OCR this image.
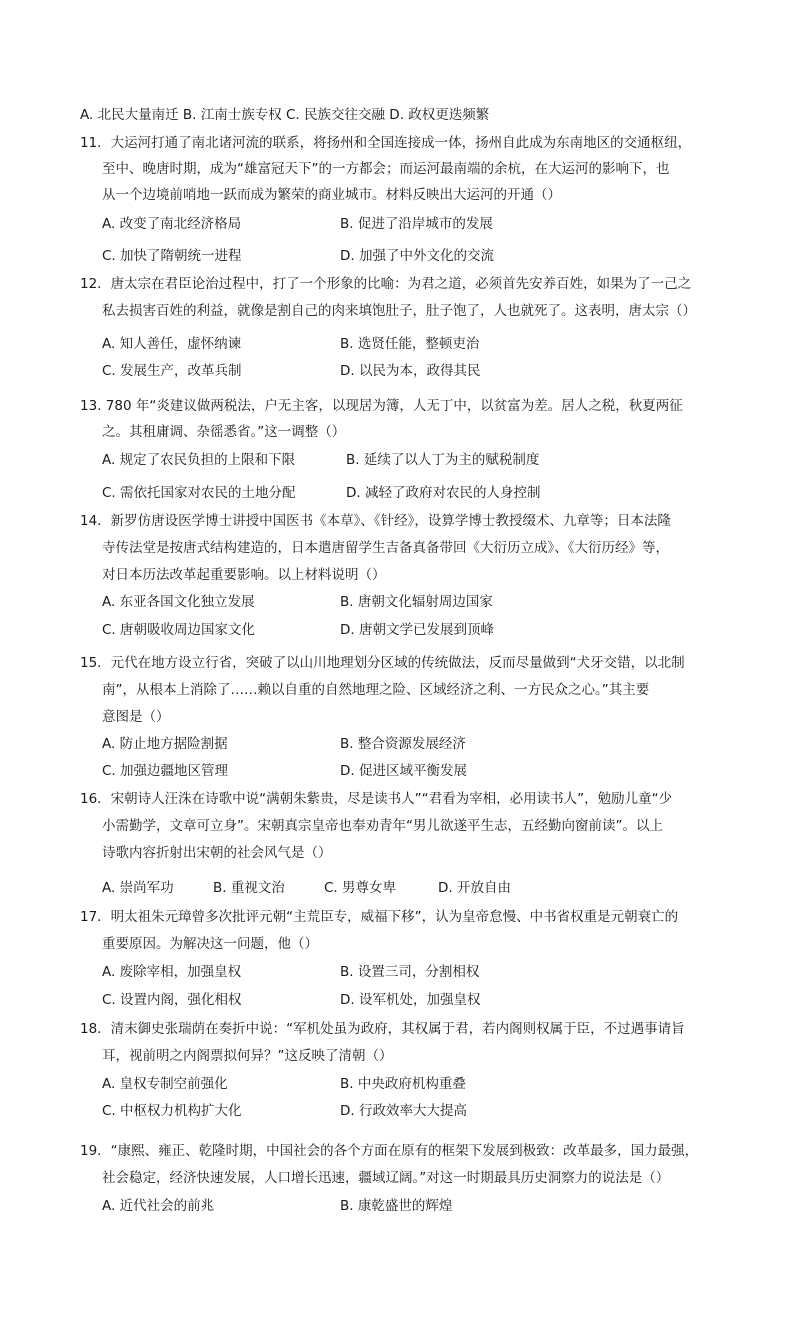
A. 北民大量南迁 B. 江南士族专权 C. 民族交往交融 D. 政权更迭频繁
11．大运河打通了南北诸河流的联系，将扬州和全国连接成一体，扬州自此成为东南地区的交通枢纽，
至中、晚唐时期，成为“雄富冠天下”的一方都会；而运河最南端的余杭，在大运河的影响下，也
从一个边境前哨地一跃而成为繁荣的商业城市。材料反映出大运河的开通（）
A. 改变了南北经济格局	B. 促进了沿岸城市的发展
C. 加快了隋朝统一进程	D. 加强了中外文化的交流
12．唐太宗在君臣论治过程中，打了一个形象的比喻：为君之道，必须首先安养百姓，如果为了一己之
私去损害百姓的利益，就像是割自己的肉来填饱肚子，肚子饱了，人也就死了。这表明，唐太宗（）
A. 知人善任，虚怀纳谏	B. 选贤任能，整顿吏治
C. 发展生产，改革兵制	D. 以民为本，政得其民
13. 780 年“炎建议做两税法，户无主客，以现居为簿，人无丁中，以贫富为差。居人之税，秋夏两征
之。其租庸调、杂徭悉省。”这一调整（）
A. 规定了农民负担的上限和下限	B. 延续了以人丁为主的赋税制度
C. 需依托国家对农民的土地分配	D. 减轻了政府对农民的人身控制
14．新罗仿唐设医学博士讲授中国医书《本草》、《针经》，设算学博士教授缀术、九章等；日本法隆
寺传法堂是按唐式结构建造的，日本遣唐留学生吉备真备带回《大衍历立成》、《大衍历经》等，
对日本历法改革起重要影响。以上材料说明（）
A. 东亚各国文化独立发展	B. 唐朝文化辐射周边国家
C. 唐朝吸收周边国家文化	D. 唐朝文学已发展到顶峰
15．元代在地方设立行省，突破了以山川地理划分区域的传统做法，反而尽量做到“犬牙交错，以北制
南”，从根本上消除了……赖以自重的自然地理之险、区域经济之利、一方民众之心。”其主要
意图是（）
A. 防止地方据险割据	B. 整合资源发展经济
C. 加强边疆地区管理	D. 促进区域平衡发展
16．宋朝诗人汪洙在诗歌中说“满朝朱紫贵，尽是读书人”“君看为宰相，必用读书人”，勉励儿童“少
小需勤学，文章可立身”。宋朝真宗皇帝也奉劝青年“男儿欲遂平生志，五经勤向窗前读”。以上
诗歌内容折射出宋朝的社会风气是（）
A. 崇尚军功	B. 重视文治	C. 男尊女卑	D. 开放自由
17．明太祖朱元璋曾多次批评元朝“主荒臣专，威福下移”，认为皇帝怠慢、中书省权重是元朝衰亡的
重要原因。为解决这一问题，他（）
A. 废除宰相，加强皇权	B. 设置三司，分割相权
C. 设置内阁，强化相权	D. 设军机处，加强皇权
18．清末御史张瑞荫在奏折中说：“军机处虽为政府，其权属于君，若内阁则权属于臣，不过遇事请旨
耳，视前明之内阁票拟何异？”这反映了清朝（）
A. 皇权专制空前强化	B. 中央政府机构重叠
C. 中枢权力机构扩大化	D. 行政效率大大提高
19．“康熙、雍正、乾隆时期，中国社会的各个方面在原有的框架下发展到极致：改革最多，国力最强，
社会稳定，经济快速发展，人口增长迅速，疆域辽阔。”对这一时期最具历史洞察力的说法是（）
A. 近代社会的前兆	B. 康乾盛世的辉煌
